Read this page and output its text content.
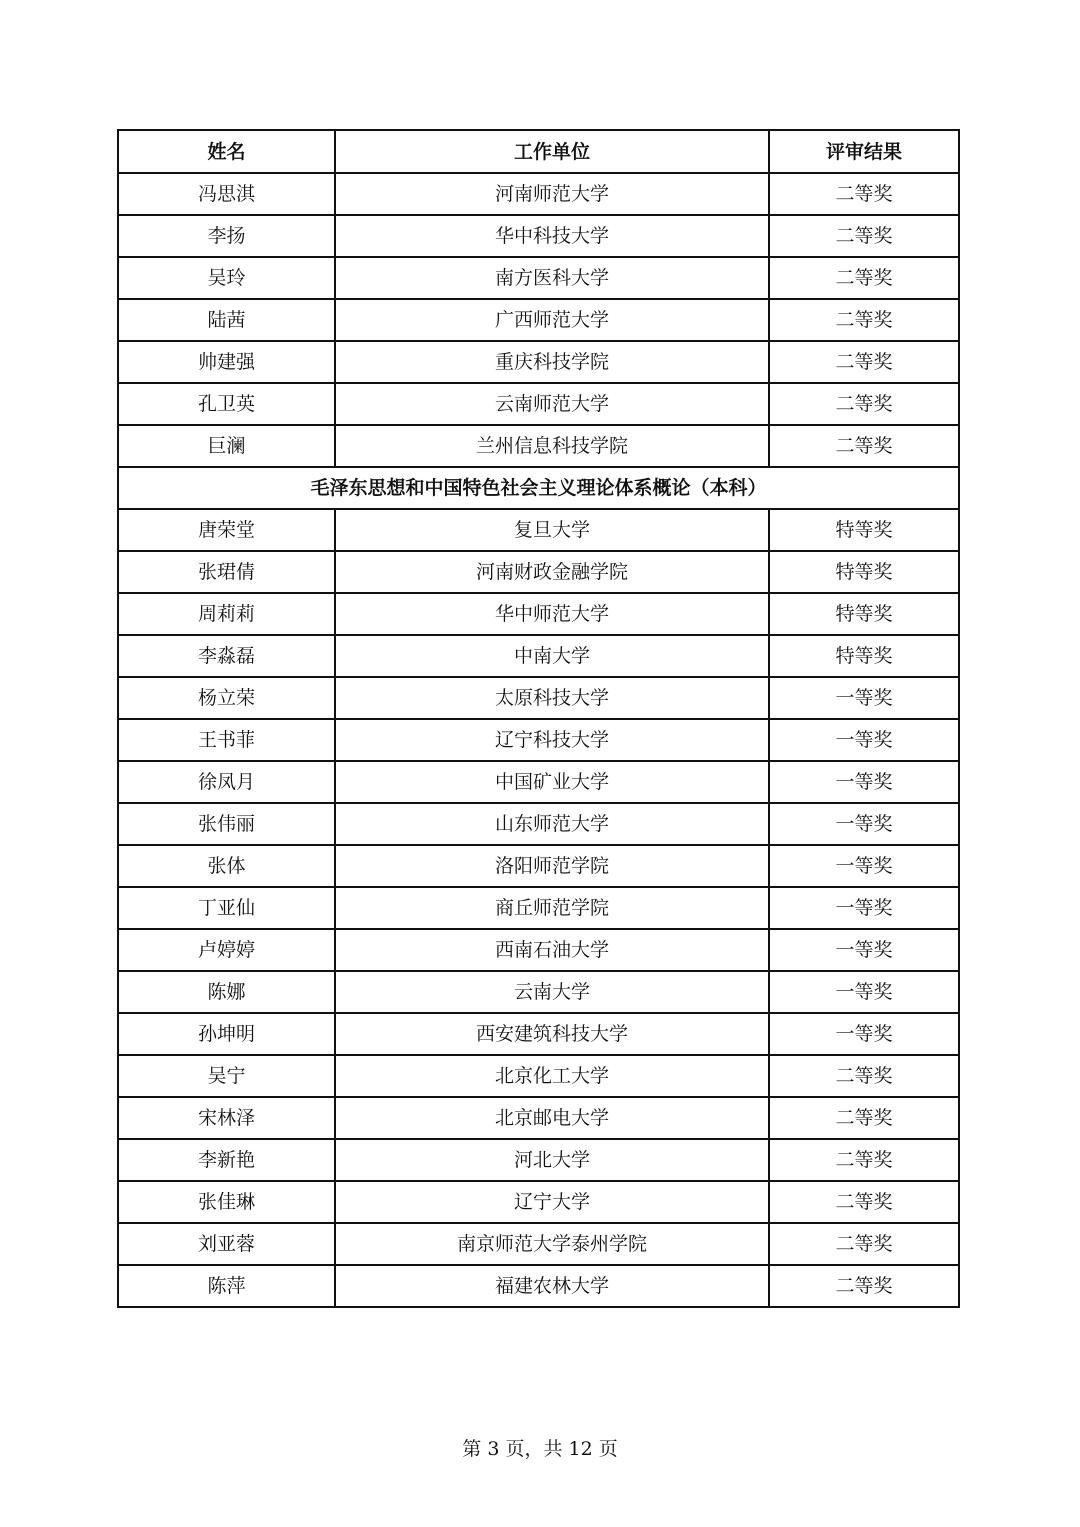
姓名	工作单位	评审结果
冯思淇	河南师范大学	二等奖
李扬	华中科技大学	二等奖
吴玲	南方医科大学	二等奖
陆茜	广西师范大学	二等奖
帅建强	重庆科技学院	二等奖
孔卫英	云南师范大学	二等奖
巨澜	兰州信息科技学院	二等奖
毛泽东思想和中国特色社会主义理论体系概论（本科）		
唐荣堂	复旦大学	特等奖
张珺倩	河南财政金融学院	特等奖
周莉莉	华中师范大学	特等奖
李淼磊	中南大学	特等奖
杨立荣	太原科技大学	一等奖
王书菲	辽宁科技大学	一等奖
徐凤月	中国矿业大学	一等奖
张伟丽	山东师范大学	一等奖
张体	洛阳师范学院	一等奖
丁亚仙	商丘师范学院	一等奖
卢婷婷	西南石油大学	一等奖
陈娜	云南大学	一等奖
孙坤明	西安建筑科技大学	一等奖
吴宁	北京化工大学	二等奖
宋林泽	北京邮电大学	二等奖
李新艳	河北大学	二等奖
张佳琳	辽宁大学	二等奖
刘亚蓉	南京师范大学泰州学院	二等奖
陈萍	福建农林大学	二等奖
第 3 页，共 12 页
